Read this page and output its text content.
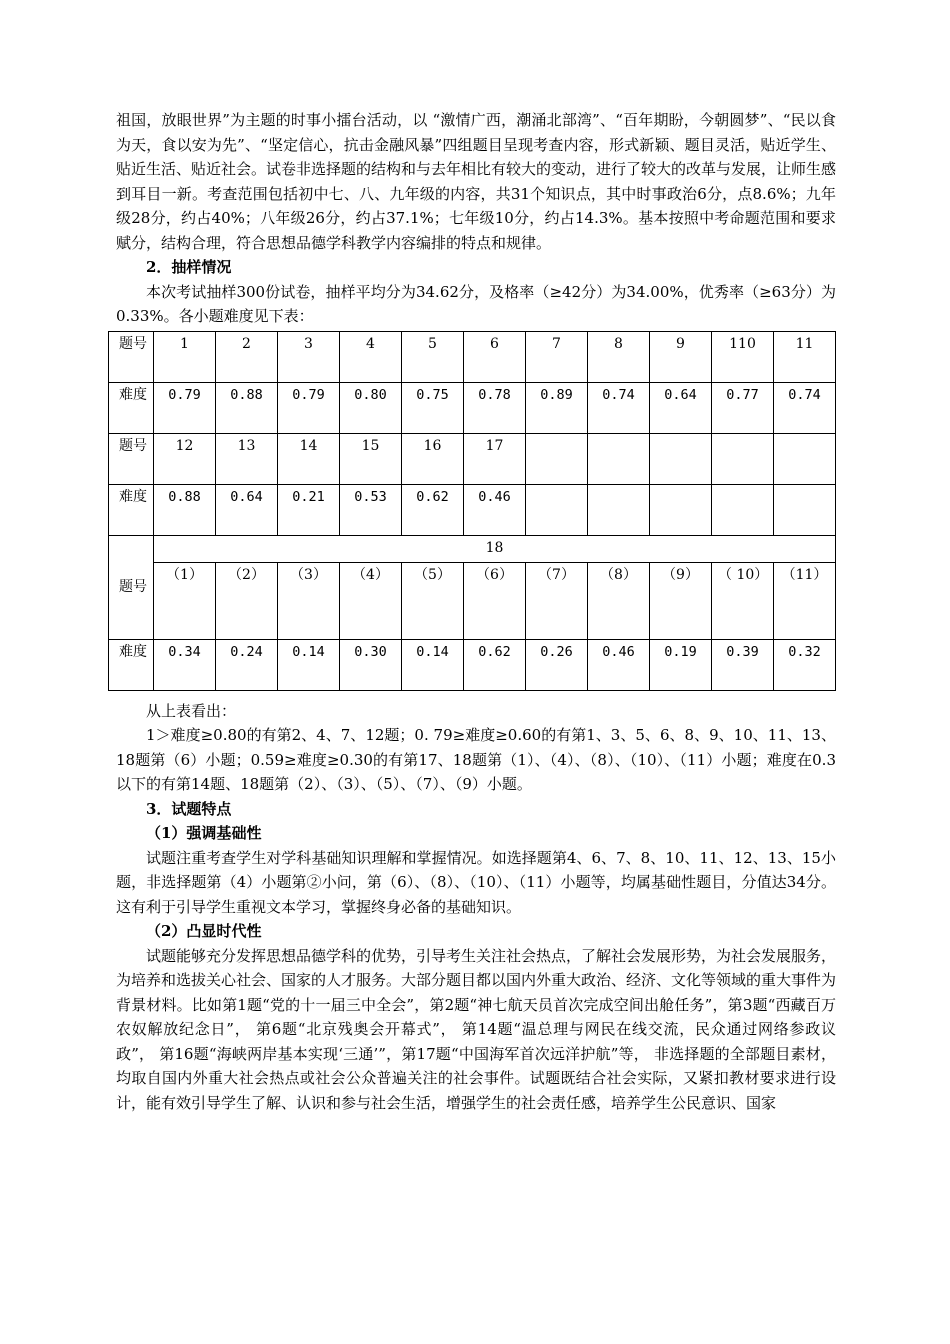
祖国，放眼世界”为主题的时事小擂台活动，以 “激情广西，潮涌北部湾”、“百年期盼，今朝圆梦”、“民以食为天，食以安为先”、“坚定信心，抗击金融风暴”四组题目呈现考查内容，形式新颖、题目灵活，贴近学生、贴近生活、贴近社会。试卷非选择题的结构和与去年相比有较大的变动，进行了较大的改革与发展，让师生感到耳目一新。考查范围包括初中七、八、九年级的内容，共31个知识点，其中时事政治6分，点8.6%；九年级28分，约占40%；八年级26分，约占37.1%；七年级10分，约占14.3%。基本按照中考命题范围和要求赋分，结构合理，符合思想品德学科教学内容编排的特点和规律。

2．抽样情况

本次考试抽样300份试卷，抽样平均分为34.62分，及格率（≥42分）为34.00%，优秀率（≥63分）为0.33%。各小题难度见下表：

题号	1	2	3	4	5	6	7	8	9	110	11
难度	0.79	0.88	0.79	0.80	0.75	0.78	0.89	0.74	0.64	0.77	0.74
题号	12	13	14	15	16	17					
难度	0.88	0.64	0.21	0.53	0.62	0.46					
题号	18										
	（1）	（2）	（3）	（4）	（5）	（6）	（7）	（8）	（9）	（ 10）	（11）
难度	0.34	0.24	0.14	0.30	0.14	0.62	0.26	0.46	0.19	0.39	0.32

从上表看出：

1＞难度≥0.80的有第2、4、7、12题；0. 79≥难度≥0.60的有第1、3、5、6、8、9、10、11、13、18题第（6）小题；0.59≥难度≥0.30的有第17、18题第（1）、（4）、（8）、（10）、（11）小题；难度在0.3以下的有第14题、18题第（2）、（3）、（5）、（7）、（9）小题。

3．试题特点

（1）强调基础性

试题注重考查学生对学科基础知识理解和掌握情况。如选择题第4、6、7、8、10、11、12、13、15小题，非选择题第（4）小题第②小问，第（6）、（8）、（10）、（11）小题等，均属基础性题目，分值达34分。这有利于引导学生重视文本学习，掌握终身必备的基础知识。

（2）凸显时代性

试题能够充分发挥思想品德学科的优势，引导考生关注社会热点，了解社会发展形势，为社会发展服务，为培养和选拔关心社会、国家的人才服务。大部分题目都以国内外重大政治、经济、文化等领域的重大事件为背景材料。比如第1题“党的十一届三中全会”，第2题“神七航天员首次完成空间出舱任务”，第3题“西藏百万农奴解放纪念日”， 第6题“北京残奥会开幕式”， 第14题“温总理与网民在线交流，民众通过网络参政议政”， 第16题“海峡两岸基本实现‘三通’”，第17题“中国海军首次远洋护航”等， 非选择题的全部题目素材，均取自国内外重大社会热点或社会公众普遍关注的社会事件。试题既结合社会实际，又紧扣教材要求进行设计，能有效引导学生了解、认识和参与社会生活，增强学生的社会责任感，培养学生公民意识、国家
